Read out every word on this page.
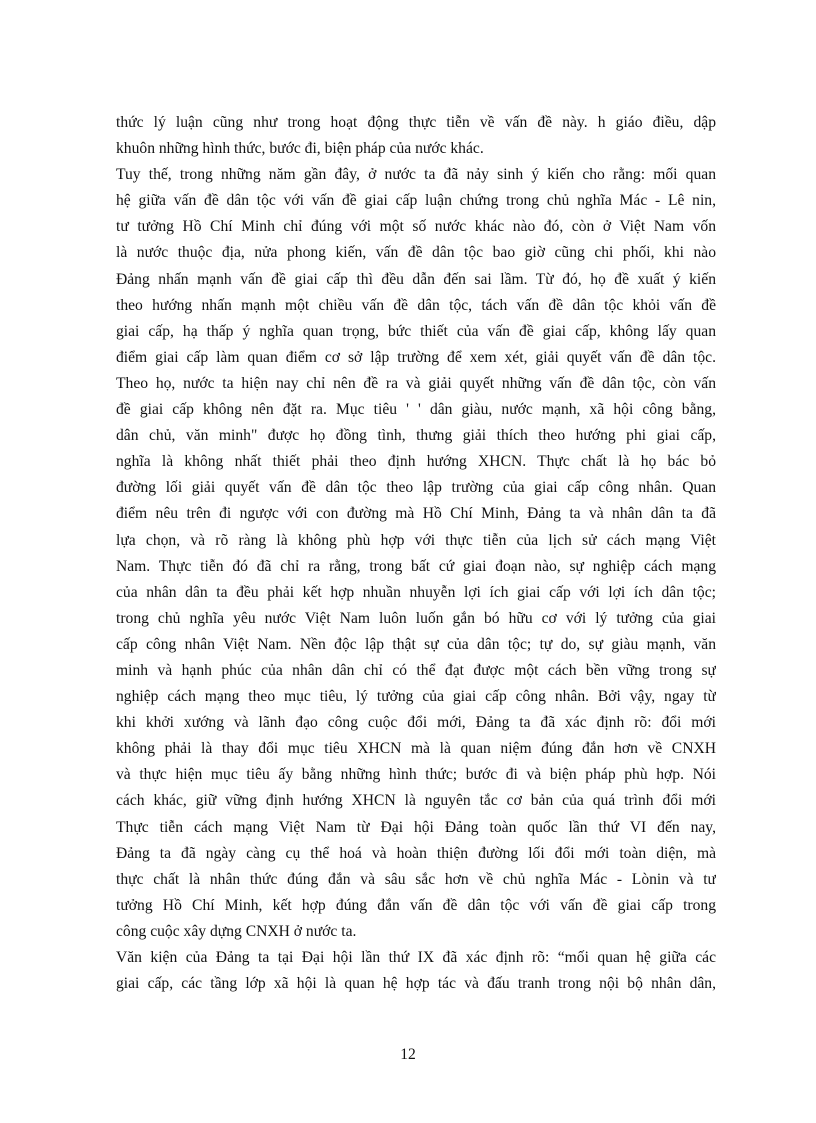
thức lý luận cũng như trong hoạt động thực tiễn về vấn đề này. h giáo điều, dập
khuôn những hình thức, bước đi, biện pháp của nước khác.
Tuy thế, trong những năm gần đây, ở nước ta đã nảy sinh ý kiến cho rằng: mối quan
hệ giữa vấn đề dân tộc với vấn đề giai cấp luận chứng trong chủ nghĩa Mác - Lê nin,
tư tưởng Hồ Chí Minh chỉ đúng với một số nước khác nào đó, còn ở Việt Nam vốn
là nước thuộc địa, nửa phong kiến, vấn đề dân tộc bao giờ cũng chi phối, khi nào
Đảng nhấn mạnh vấn đề giai cấp thì đều dẫn đến sai lầm. Từ đó, họ đề xuất ý kiến
theo hướng nhấn mạnh một chiều vấn đề dân tộc, tách vấn đề dân tộc khỏi vấn đề
giai cấp, hạ thấp ý nghĩa quan trọng, bức thiết của vấn đề giai cấp, không lấy quan
điểm giai cấp làm quan điểm cơ sở lập trường để xem xét, giải quyết vấn đề dân tộc.
Theo họ, nước ta hiện nay chỉ nên đề ra và giải quyết những vấn đề dân tộc, còn vấn
đề giai cấp không nên đặt ra. Mục tiêu ' ' dân giàu, nước mạnh, xã hội công bằng,
dân chủ, văn minh" được họ đồng tình, thưng giải thích theo hướng phi giai cấp,
nghĩa là không nhất thiết phải theo định hướng XHCN. Thực chất là họ bác bỏ
đường lối giải quyết vấn đề dân tộc theo lập trường của giai cấp công nhân. Quan
điểm nêu trên đi ngược với con đường mà Hồ Chí Minh, Đảng ta và nhân dân ta đã
lựa chọn, và rõ ràng là không phù hợp với thực tiễn của lịch sử cách mạng Việt
Nam. Thực tiễn đó đã chỉ ra rằng, trong bất cứ giai đoạn nào, sự nghiệp cách mạng
của nhân dân ta đều phải kết hợp nhuần nhuyễn lợi ích giai cấp với lợi ích dân tộc;
trong chủ nghĩa yêu nước Việt Nam luôn luốn gắn bó hữu cơ với lý tưởng của giai
cấp công nhân Việt Nam. Nền độc lập thật sự của dân tộc; tự do, sự giàu mạnh, văn
minh và hạnh phúc của nhân dân chỉ có thể đạt được một cách bền vững trong sự
nghiệp cách mạng theo mục tiêu, lý tưởng của giai cấp công nhân. Bởi vậy, ngay từ
khi khởi xướng và lãnh đạo công cuộc đổi mới, Đảng ta đã xác định rõ: đổi mới
không phải là thay đổi mục tiêu XHCN mà là quan niệm đúng đắn hơn về CNXH
và thực hiện mục tiêu ấy bằng những hình thức; bước đi và biện pháp phù hợp. Nói
cách khác, giữ vững định hướng XHCN là nguyên tắc cơ bản của quá trình đổi mới
Thực tiễn cách mạng Việt Nam từ Đại hội Đảng toàn quốc lần thứ VI đến nay,
Đảng ta đã ngày càng cụ thể hoá và hoàn thiện đường lối đổi mới toàn diện, mà
thực chất là nhân thức đúng đắn và sâu sắc hơn về chủ nghĩa Mác - Lònin và tư
tưởng Hồ Chí Minh, kết hợp đúng đắn vấn đề dân tộc với vấn đề giai cấp trong
công cuộc xây dựng CNXH ở nước ta.
Văn kiện của Đảng ta tại Đại hội lần thứ IX đã xác định rõ: “mối quan hệ giữa các
giai cấp, các tầng lớp xã hội là quan hệ hợp tác và đấu tranh trong nội bộ nhân dân,
12
